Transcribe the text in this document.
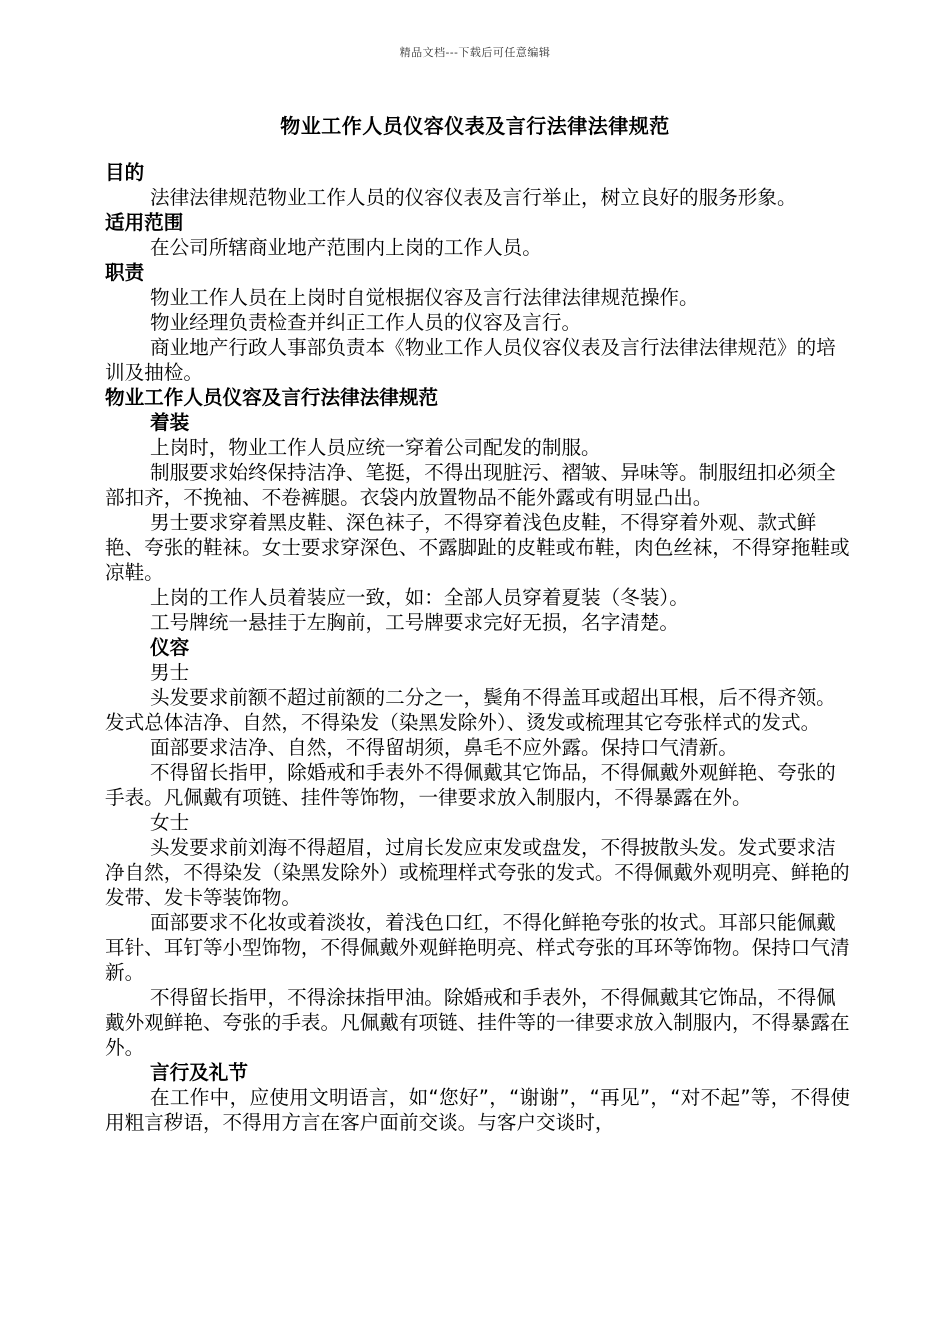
精品文档---下载后可任意编辑
物业工作人员仪容仪表及言行法律法律规范

目的

法律法律规范物业工作人员的仪容仪表及言行举止，树立良好的服务形象。

适用范围

在公司所辖商业地产范围内上岗的工作人员。

职责

物业工作人员在上岗时自觉根据仪容及言行法律法律规范操作。

物业经理负责检查并纠正工作人员的仪容及言行。

商业地产行政人事部负责本《物业工作人员仪容仪表及言行法律法律规范》的培训及抽检。

物业工作人员仪容及言行法律法律规范

着装

上岗时，物业工作人员应统一穿着公司配发的制服。

制服要求始终保持洁净、笔挺，不得出现脏污、褶皱、异味等。制服纽扣必须全部扣齐，不挽袖、不卷裤腿。衣袋内放置物品不能外露或有明显凸出。

男士要求穿着黑皮鞋、深色袜子，不得穿着浅色皮鞋，不得穿着外观、款式鲜艳、夸张的鞋袜。女士要求穿深色、不露脚趾的皮鞋或布鞋，肉色丝袜，不得穿拖鞋或凉鞋。

上岗的工作人员着装应一致，如：全部人员穿着夏装（冬装）。

工号牌统一悬挂于左胸前，工号牌要求完好无损，名字清楚。

仪容

男士

头发要求前额不超过前额的二分之一，鬓角不得盖耳或超出耳根，后不得齐领。发式总体洁净、自然，不得染发（染黑发除外）、烫发或梳理其它夸张样式的发式。

面部要求洁净、自然，不得留胡须，鼻毛不应外露。保持口气清新。

不得留长指甲，除婚戒和手表外不得佩戴其它饰品，不得佩戴外观鲜艳、夸张的手表。凡佩戴有项链、挂件等饰物，一律要求放入制服内，不得暴露在外。

女士

头发要求前刘海不得超眉，过肩长发应束发或盘发，不得披散头发。发式要求洁净自然，不得染发（染黑发除外）或梳理样式夸张的发式。不得佩戴外观明亮、鲜艳的发带、发卡等装饰物。

面部要求不化妆或着淡妆，着浅色口红，不得化鲜艳夸张的妆式。耳部只能佩戴耳针、耳钉等小型饰物，不得佩戴外观鲜艳明亮、样式夸张的耳环等饰物。保持口气清新。

不得留长指甲，不得涂抹指甲油。除婚戒和手表外，不得佩戴其它饰品，不得佩戴外观鲜艳、夸张的手表。凡佩戴有项链、挂件等的一律要求放入制服内，不得暴露在外。

言行及礼节

在工作中，应使用文明语言，如“您好”，“谢谢”，“再见”，“对不起”等，不得使用粗言秽语，不得用方言在客户面前交谈。与客户交谈时，
